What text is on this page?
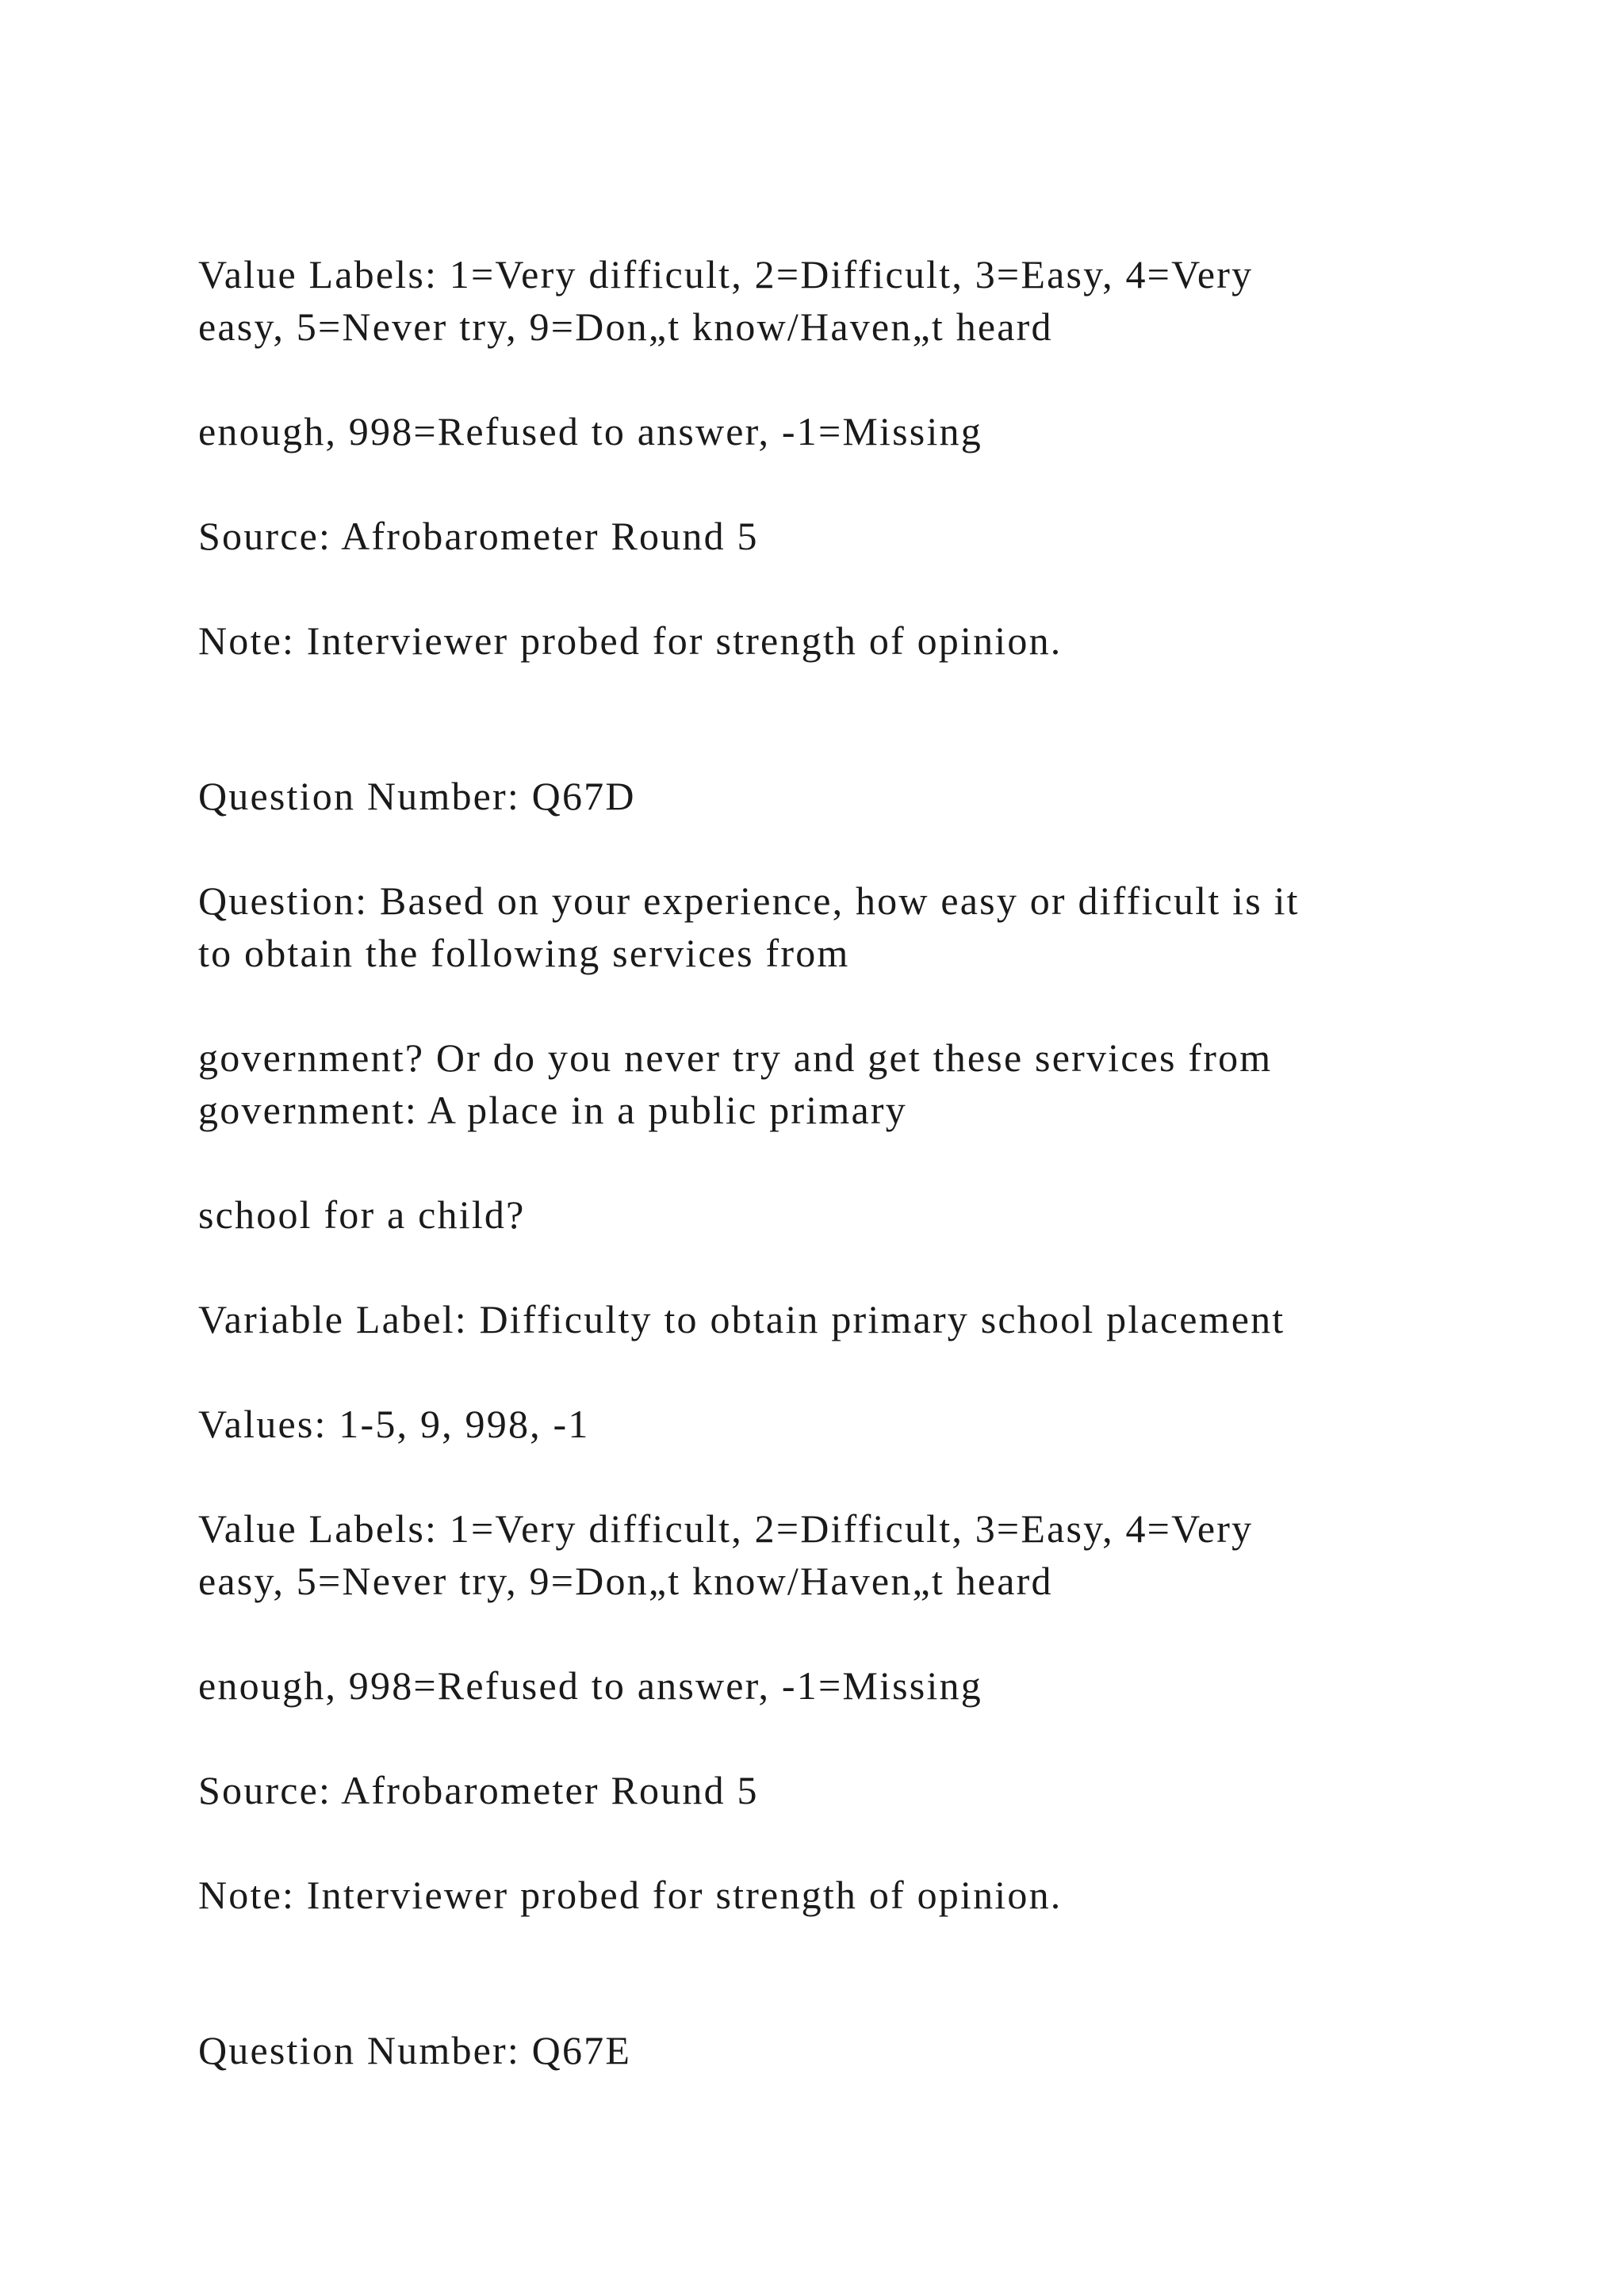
Value Labels: 1=Very difficult, 2=Difficult, 3=Easy, 4=Very

easy, 5=Never try, 9=Don„t know/Haven„t heard

enough, 998=Refused to answer, -1=Missing

Source: Afrobarometer Round 5

Note: Interviewer probed for strength of opinion.

Question Number: Q67D

Question: Based on your experience, how easy or difficult is it

to obtain the following services from

government? Or do you never try and get these services from

government: A place in a public primary

school for a child?

Variable Label: Difficulty to obtain primary school placement

Values: 1-5, 9, 998, -1

Value Labels: 1=Very difficult, 2=Difficult, 3=Easy, 4=Very

easy, 5=Never try, 9=Don„t know/Haven„t heard

enough, 998=Refused to answer, -1=Missing

Source: Afrobarometer Round 5

Note: Interviewer probed for strength of opinion.

Question Number: Q67E
